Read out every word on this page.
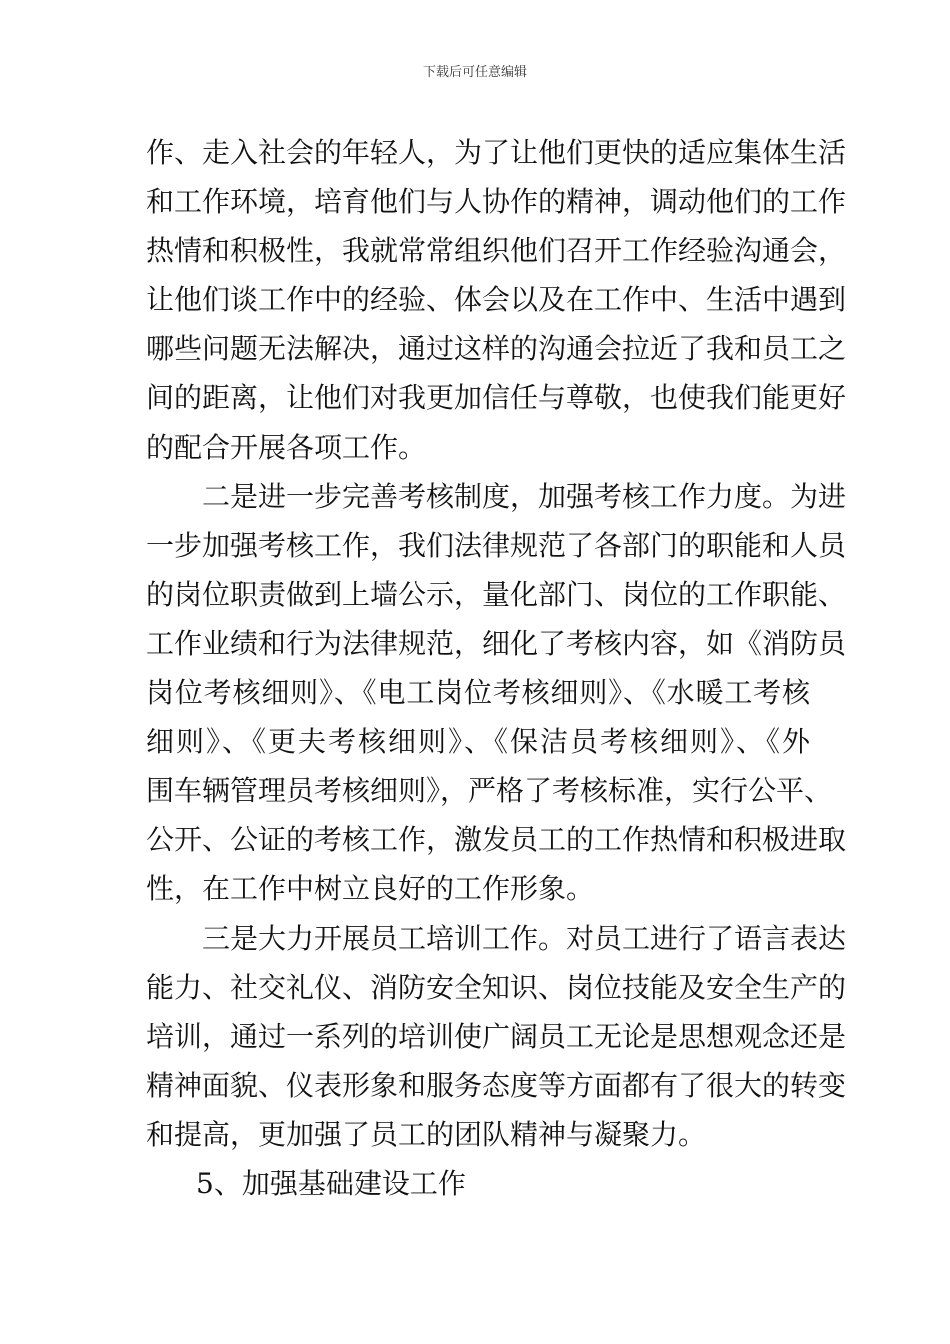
下载后可任意编辑
作、走入社会的年轻人，为了让他们更快的适应集体生活
和工作环境，培育他们与人协作的精神，调动他们的工作
热情和积极性，我就常常组织他们召开工作经验沟通会，
让他们谈工作中的经验、体会以及在工作中、生活中遇到
哪些问题无法解决，通过这样的沟通会拉近了我和员工之
间的距离，让他们对我更加信任与尊敬，也使我们能更好
的配合开展各项工作。
二是进一步完善考核制度，加强考核工作力度。为进
一步加强考核工作，我们法律规范了各部门的职能和人员
的岗位职责做到上墙公示，量化部门、岗位的工作职能、
工作业绩和行为法律规范，细化了考核内容，如《消防员
岗位考核细则》、《电工岗位考核细则》、《水暖工考核
细则》、《更夫考核细则》、《保洁员考核细则》、《外
围车辆管理员考核细则》，严格了考核标准，实行公平、
公开、公证的考核工作，激发员工的工作热情和积极进取
性，在工作中树立良好的工作形象。
三是大力开展员工培训工作。对员工进行了语言表达
能力、社交礼仪、消防安全知识、岗位技能及安全生产的
培训，通过一系列的培训使广阔员工无论是思想观念还是
精神面貌、仪表形象和服务态度等方面都有了很大的转变
和提高，更加强了员工的团队精神与凝聚力。
5、加强基础建设工作
